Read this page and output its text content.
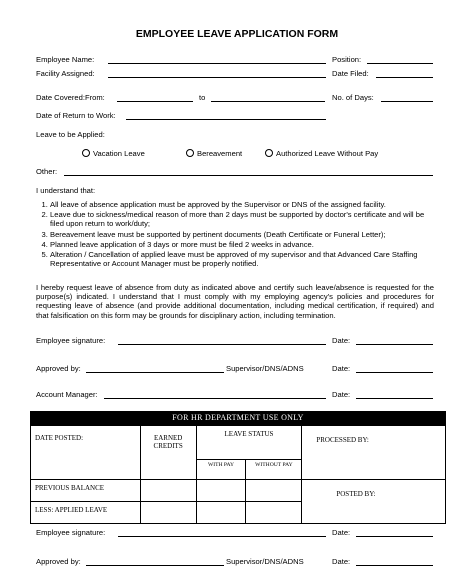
EMPLOYEE LEAVE APPLICATION FORM
Employee Name:	Position:
Facility Assigned:	Date Filed:
Date Covered:From:	to	No. of Days:
Date of Return to Work:
Leave to be Applied:
Vacation Leave	Bereavement	Authorized Leave Without Pay
Other:
I understand that:
1. All leave of absence application must be approved by the Supervisor or DNS of the assigned facility.
2. Leave due to sickness/medical reason of more than 2 days must be supported by doctor's certificate and will be filed upon return to work/duty;
3. Bereavement leave must be supported by pertinent documents (Death Certificate or Funeral Letter);
4. Planned leave application of 3 days or more must be filed 2 weeks in advance.
5. Alteration / Cancellation of applied leave must be approved of my supervisor and that Advanced Care Staffing Representative or Account Manager must be properly notified.
I hereby request leave of absence from duty as indicated above and certify such leave/absence is requested for the purpose(s) indicated. I understand that I must comply with my employing agency's policies and procedures for requesting leave of absence (and provide additional documentation, including medical certification, if required) and that falsification on this form may be grounds for disciplinary action, including termination.
Employee signature:	Date:
Approved by:	Supervisor/DNS/ADNS	Date:
Account Manager:	Date:
FOR HR DEPARTMENT USE ONLY				
DATE POSTED:	EARNED CREDITS	LEAVE STATUS		PROCESSED BY:
		WITH PAY	WITHOUT PAY	
PREVIOUS BALANCE				POSTED BY:
LESS: APPLIED LEAVE				
Employee signature:	Date:
Approved by:	Supervisor/DNS/ADNS	Date:
